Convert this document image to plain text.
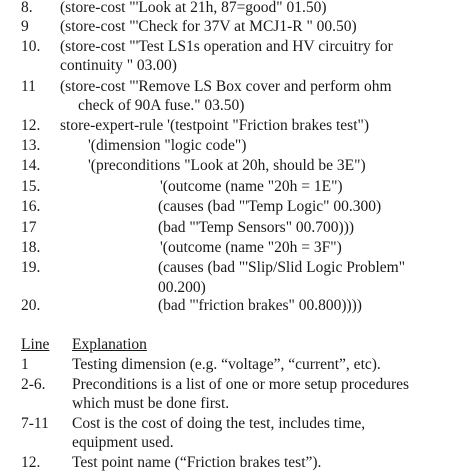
8. (store-cost "'Look at 21h, 87=good" 01.50)
9 (store-cost "'Check for 37V at MCJ1-R " 00.50)
10. (store-cost "'Test LS1s operation and HV circuitry for
continuity " 03.00)
11 (store-cost "'Remove LS Box cover and perform ohm
check of 90A fuse." 03.50)
12. store-expert-rule '(testpoint "Friction brakes test")
13.	'(dimension "logic code")
14.	'(preconditions "Look at 20h, should be 3E")
15.	'(outcome (name "20h = 1E")
16.	(causes (bad "'Temp Logic" 00.300)
17	(bad "'Temp Sensors" 00.700)))
18.	'(outcome (name "20h = 3F")
19.	(causes (bad "'Slip/Slid Logic Problem"
00.200)
20.	(bad "'friction brakes" 00.800))))
Line Explanation
1	Testing dimension (e.g. “voltage”, “current”, etc).
2-6. Preconditions is a list of one or more setup procedures
which must be done first.
7-11 Cost is the cost of doing the test, includes time,
equipment used.
12. Test point name (“Friction brakes test”).
